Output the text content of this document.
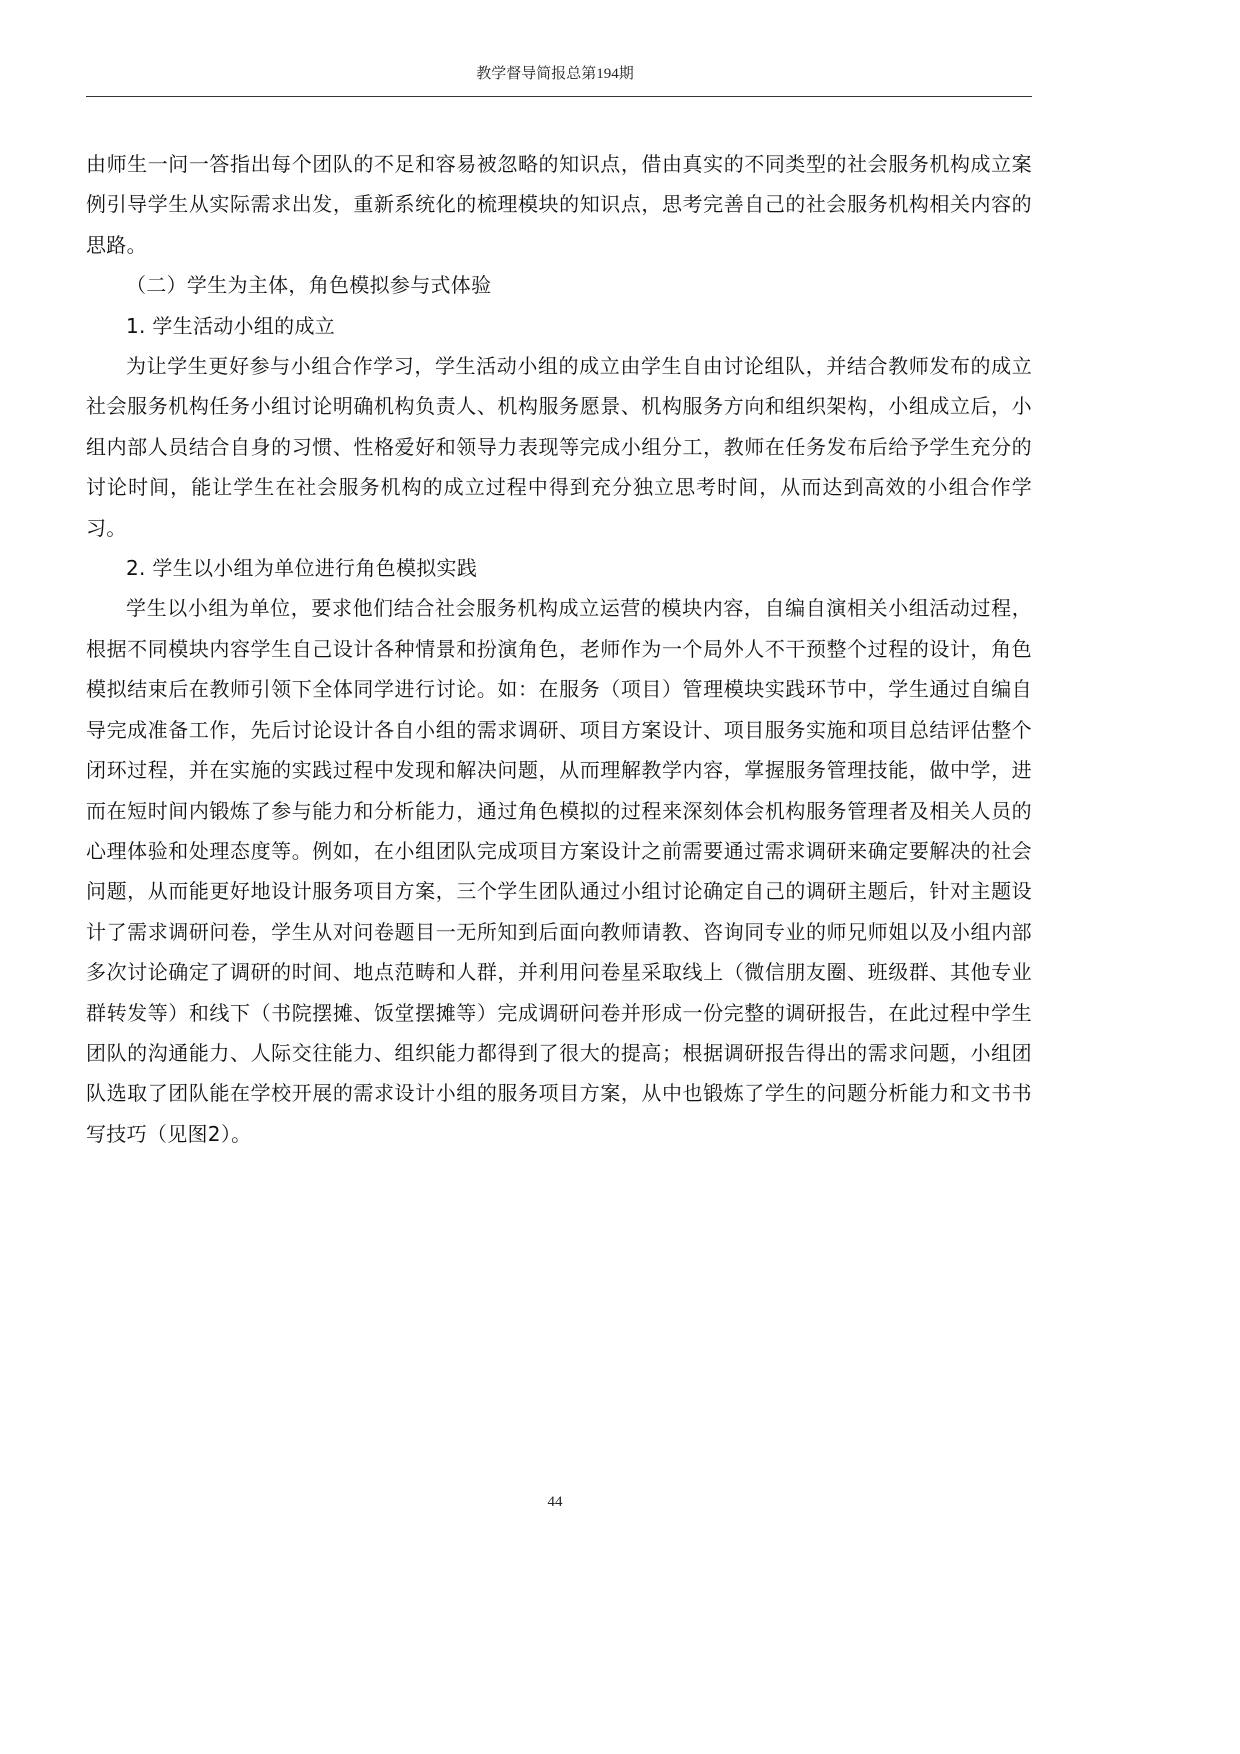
教学督导简报总第194期

由师生一问一答指出每个团队的不足和容易被忽略的知识点，借由真实的不同类型的社会服务机构成立案例引导学生从实际需求出发，重新系统化的梳理模块的知识点，思考完善自己的社会服务机构相关内容的思路。

（二）学生为主体，角色模拟参与式体验

1. 学生活动小组的成立

为让学生更好参与小组合作学习，学生活动小组的成立由学生自由讨论组队，并结合教师发布的成立社会服务机构任务小组讨论明确机构负责人、机构服务愿景、机构服务方向和组织架构，小组成立后，小组内部人员结合自身的习惯、性格爱好和领导力表现等完成小组分工，教师在任务发布后给予学生充分的讨论时间，能让学生在社会服务机构的成立过程中得到充分独立思考时间，从而达到高效的小组合作学习。

2. 学生以小组为单位进行角色模拟实践

学生以小组为单位，要求他们结合社会服务机构成立运营的模块内容，自编自演相关小组活动过程，根据不同模块内容学生自己设计各种情景和扮演角色，老师作为一个局外人不干预整个过程的设计，角色模拟结束后在教师引领下全体同学进行讨论。如：在服务（项目）管理模块实践环节中，学生通过自编自导完成准备工作，先后讨论设计各自小组的需求调研、项目方案设计、项目服务实施和项目总结评估整个闭环过程，并在实施的实践过程中发现和解决问题，从而理解教学内容，掌握服务管理技能，做中学，进而在短时间内锻炼了参与能力和分析能力，通过角色模拟的过程来深刻体会机构服务管理者及相关人员的心理体验和处理态度等。例如，在小组团队完成项目方案设计之前需要通过需求调研来确定要解决的社会问题，从而能更好地设计服务项目方案，三个学生团队通过小组讨论确定自己的调研主题后，针对主题设计了需求调研问卷，学生从对问卷题目一无所知到后面向教师请教、咨询同专业的师兄师姐以及小组内部多次讨论确定了调研的时间、地点范畴和人群，并利用问卷星采取线上（微信朋友圈、班级群、其他专业群转发等）和线下（书院摆摊、饭堂摆摊等）完成调研问卷并形成一份完整的调研报告，在此过程中学生团队的沟通能力、人际交往能力、组织能力都得到了很大的提高；根据调研报告得出的需求问题，小组团队选取了团队能在学校开展的需求设计小组的服务项目方案，从中也锻炼了学生的问题分析能力和文书书写技巧（见图2）。

44
